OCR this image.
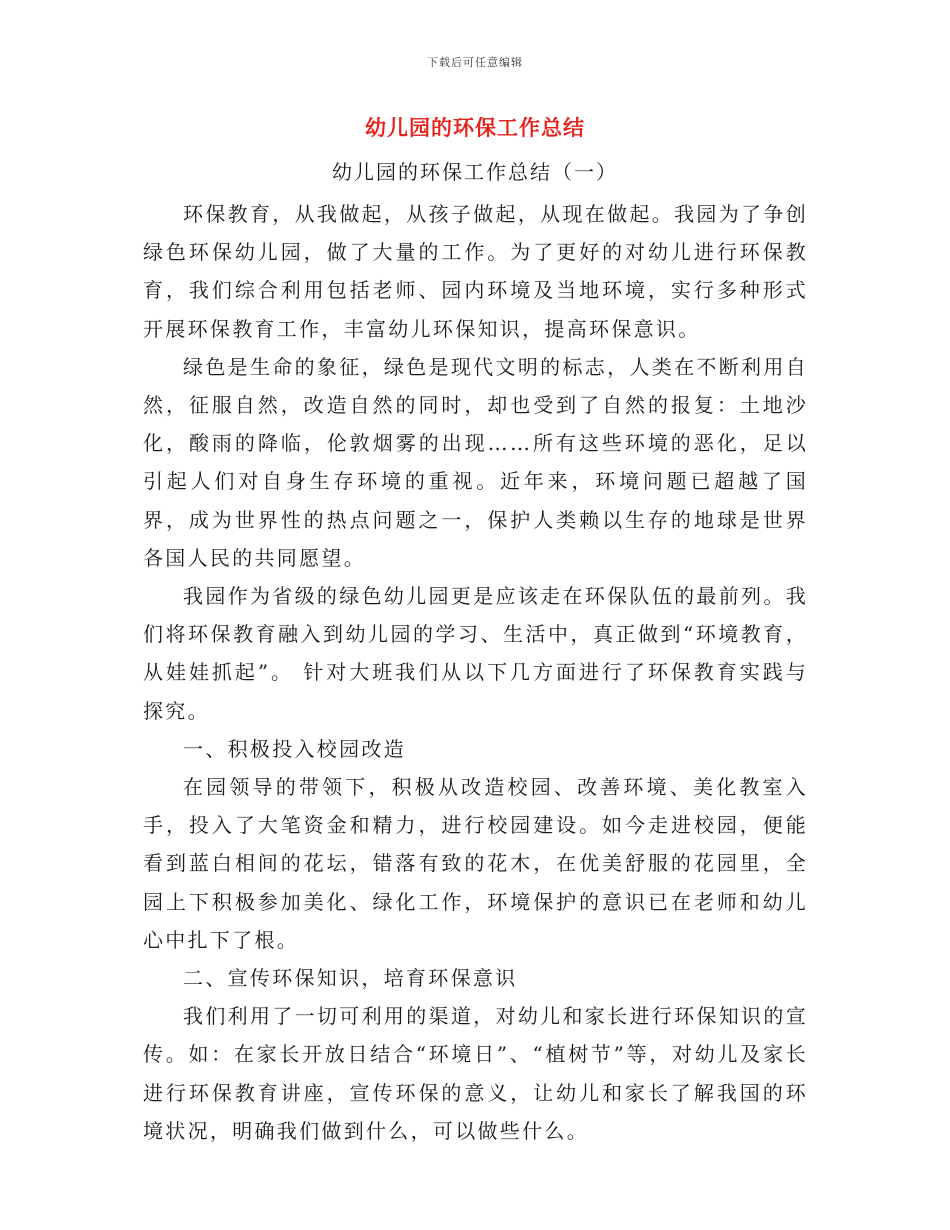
下载后可任意编辑
幼儿园的环保工作总结
幼儿园的环保工作总结（一）

环保教育，从我做起，从孩子做起，从现在做起。我园为了争创绿色环保幼儿园，做了大量的工作。为了更好的对幼儿进行环保教育，我们综合利用包括老师、园内环境及当地环境，实行多种形式开展环保教育工作，丰富幼儿环保知识，提高环保意识。

绿色是生命的象征，绿色是现代文明的标志，人类在不断利用自然，征服自然，改造自然的同时，却也受到了自然的报复：土地沙化，酸雨的降临，伦敦烟雾的出现……所有这些环境的恶化，足以引起人们对自身生存环境的重视。近年来，环境问题已超越了国界，成为世界性的热点问题之一，保护人类赖以生存的地球是世界各国人民的共同愿望。

我园作为省级的绿色幼儿园更是应该走在环保队伍的最前列。我们将环保教育融入到幼儿园的学习、生活中，真正做到“环境教育，从娃娃抓起”。 针对大班我们从以下几方面进行了环保教育实践与探究。

一、积极投入校园改造

在园领导的带领下，积极从改造校园、改善环境、美化教室入手，投入了大笔资金和精力，进行校园建设。如今走进校园，便能看到蓝白相间的花坛，错落有致的花木，在优美舒服的花园里，全园上下积极参加美化、绿化工作，环境保护的意识已在老师和幼儿心中扎下了根。

二、宣传环保知识，培育环保意识

我们利用了一切可利用的渠道，对幼儿和家长进行环保知识的宣传。如：在家长开放日结合“环境日”、“植树节”等，对幼儿及家长进行环保教育讲座，宣传环保的意义，让幼儿和家长了解我国的环境状况，明确我们做到什么，可以做些什么。
